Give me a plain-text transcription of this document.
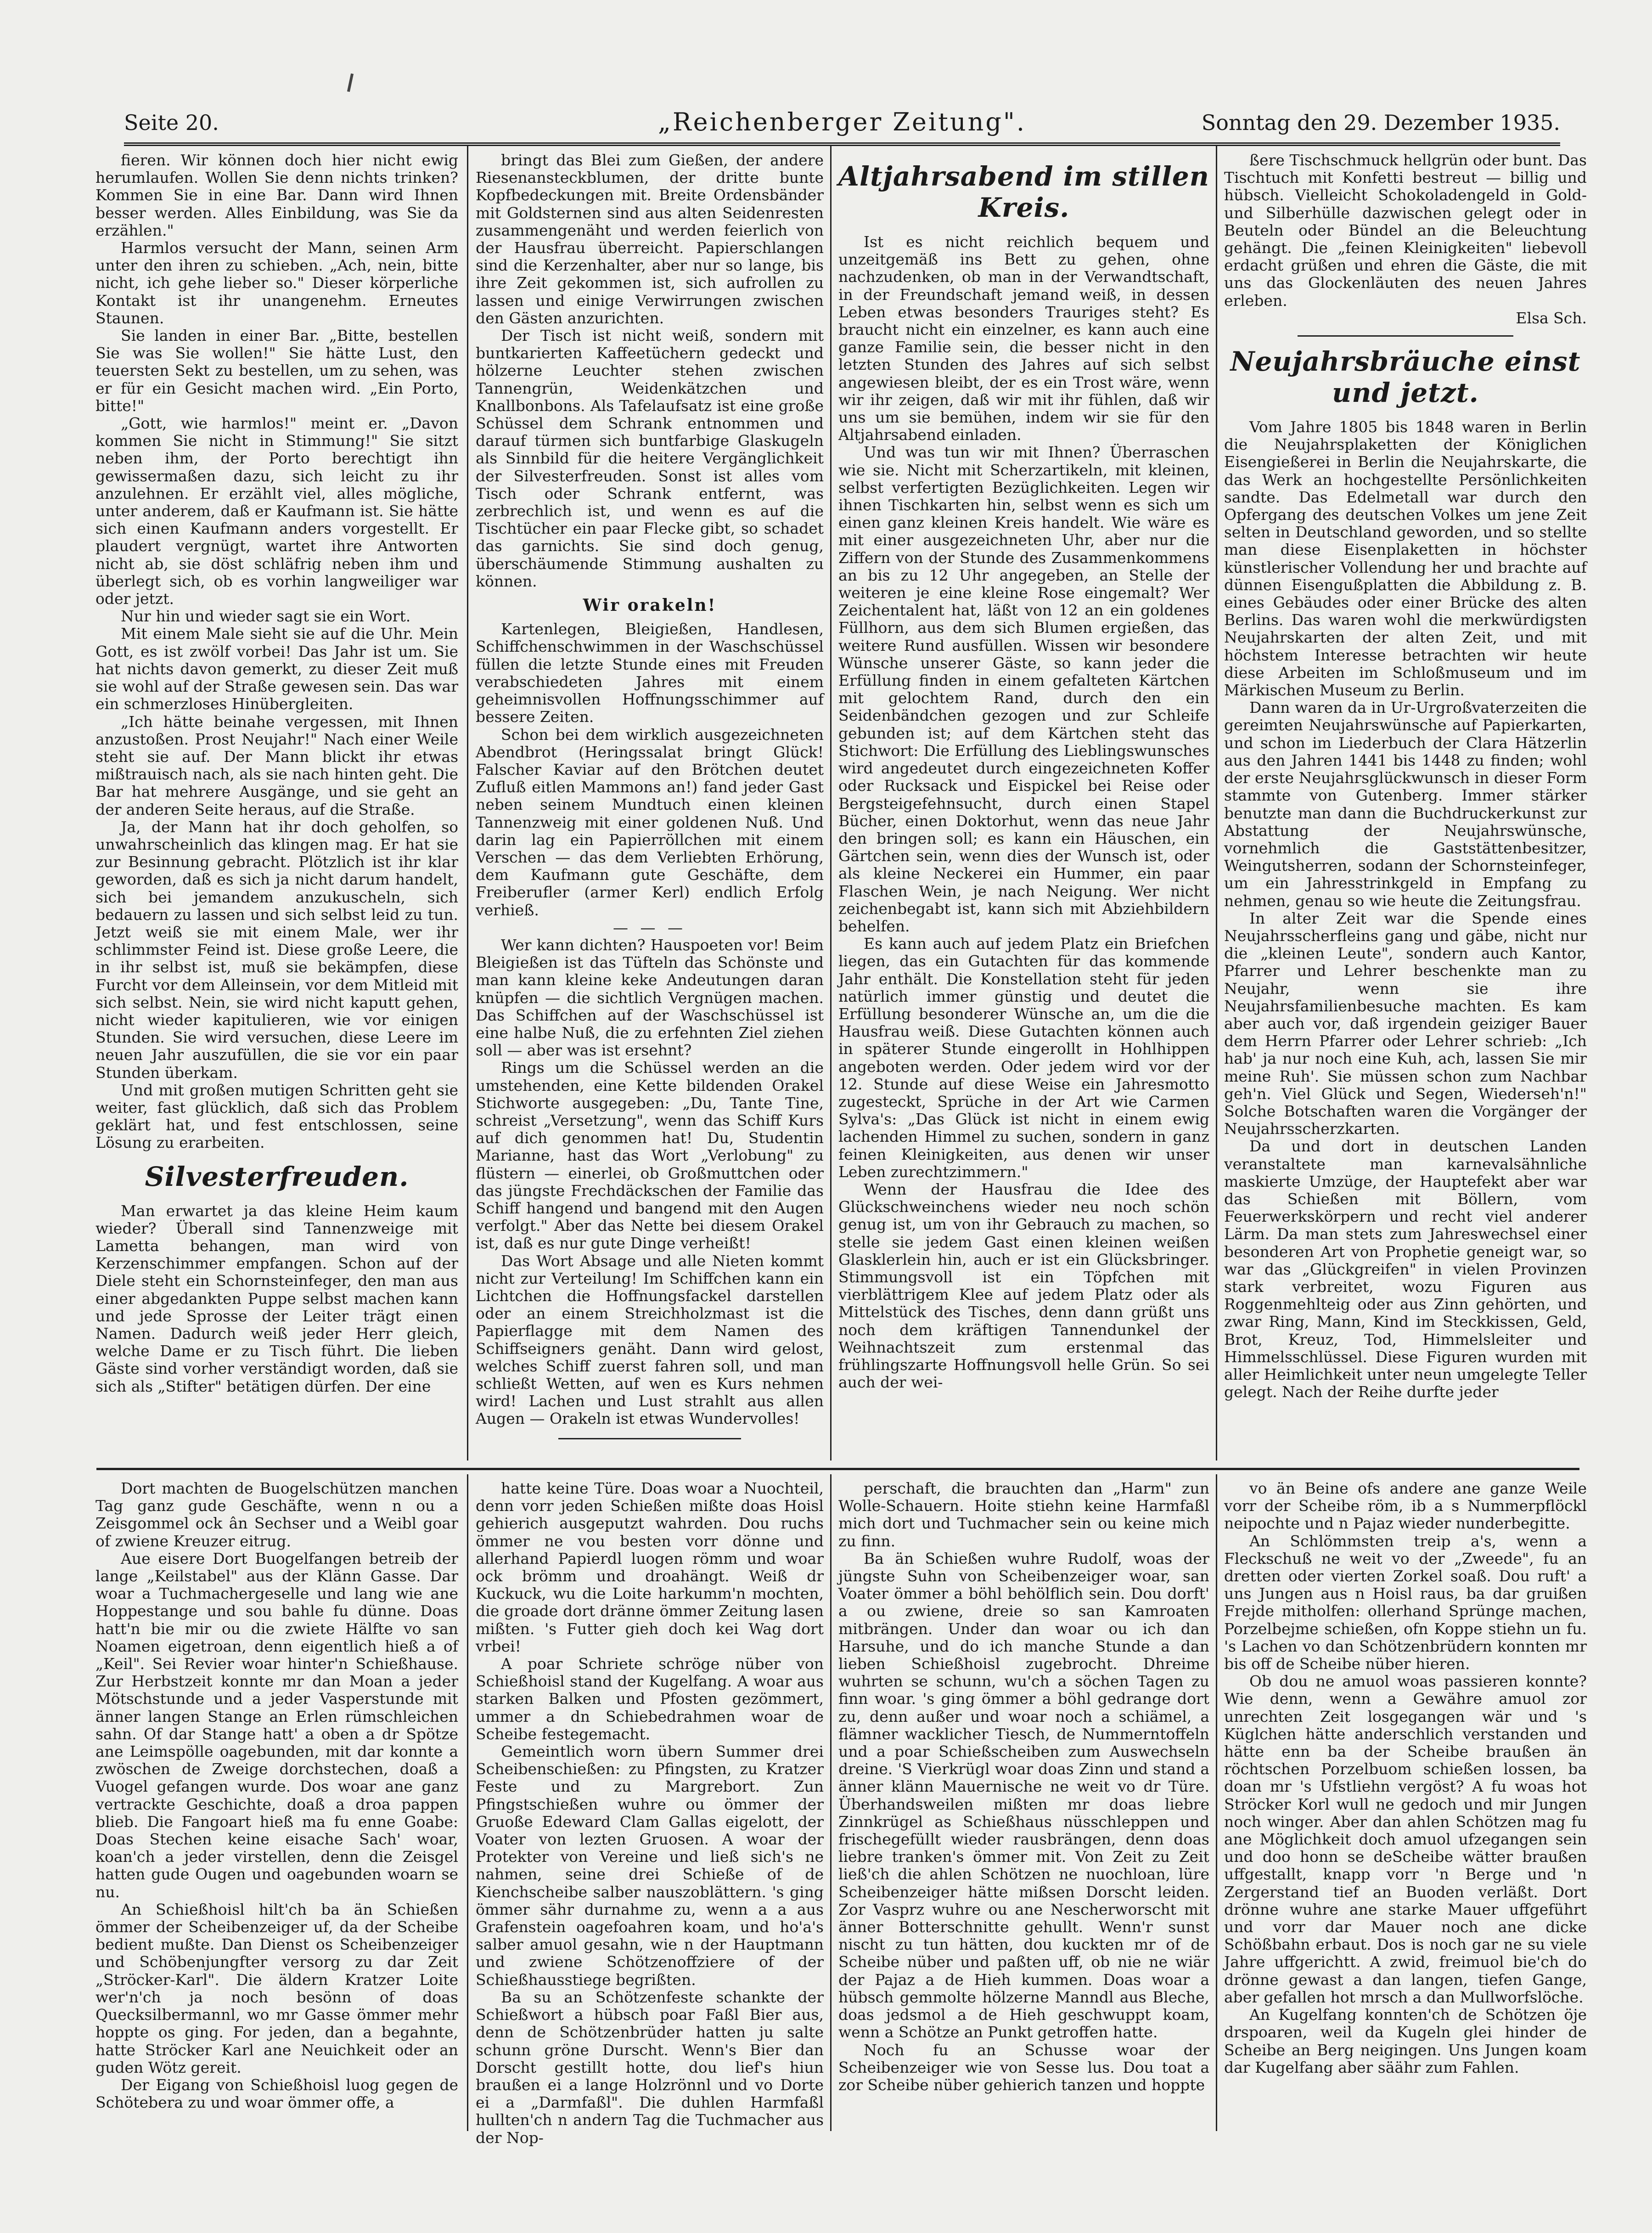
Seite 20.	„Reichenberger Zeitung".	Sonntag den 29. Dezember 1935.

fieren. Wir können doch hier nicht ewig herumlaufen. Wollen Sie denn nichts trinken? Kommen Sie in eine Bar. Dann wird Ihnen besser werden. Alles Einbildung, was Sie da erzählen."

Harmlos versucht der Mann, seinen Arm unter den ihren zu schieben. „Ach, nein, bitte nicht, ich gehe lieber so." Dieser körperliche Kontakt ist ihr unangenehm. Erneutes Staunen.

Sie landen in einer Bar. „Bitte, bestellen Sie was Sie wollen!" Sie hätte Lust, den teuersten Sekt zu bestellen, um zu sehen, was er für ein Gesicht machen wird. „Ein Porto, bitte!"

„Gott, wie harmlos!" meint er. „Davon kommen Sie nicht in Stimmung!" Sie sitzt neben ihm, der Porto berechtigt ihn gewissermaßen dazu, sich leicht zu ihr anzulehnen. Er erzählt viel, alles mögliche, unter anderem, daß er Kaufmann ist. Sie hätte sich einen Kaufmann anders vorgestellt. Er plaudert vergnügt, wartet ihre Antworten nicht ab, sie döst schläfrig neben ihm und überlegt sich, ob es vorhin langweiliger war oder jetzt.

Nur hin und wieder sagt sie ein Wort.

Mit einem Male sieht sie auf die Uhr. Mein Gott, es ist zwölf vorbei! Das Jahr ist um. Sie hat nichts davon gemerkt, zu dieser Zeit muß sie wohl auf der Straße gewesen sein. Das war ein schmerzloses Hinübergleiten.

„Ich hätte beinahe vergessen, mit Ihnen anzustoßen. Prost Neujahr!" Nach einer Weile steht sie auf. Der Mann blickt ihr etwas mißtrauisch nach, als sie nach hinten geht. Die Bar hat mehrere Ausgänge, und sie geht an der anderen Seite heraus, auf die Straße.

Ja, der Mann hat ihr doch geholfen, so unwahrscheinlich das klingen mag. Er hat sie zur Besinnung gebracht. Plötzlich ist ihr klar geworden, daß es sich ja nicht darum handelt, sich bei jemandem anzukuscheln, sich bedauern zu lassen und sich selbst leid zu tun. Jetzt weiß sie mit einem Male, wer ihr schlimmster Feind ist. Diese große Leere, die in ihr selbst ist, muß sie bekämpfen, diese Furcht vor dem Alleinsein, vor dem Mitleid mit sich selbst. Nein, sie wird nicht kaputt gehen, nicht wieder kapitulieren, wie vor einigen Stunden. Sie wird versuchen, diese Leere im neuen Jahr auszufüllen, die sie vor ein paar Stunden überkam.

Und mit großen mutigen Schritten geht sie weiter, fast glücklich, daß sich das Problem geklärt hat, und fest entschlossen, seine Lösung zu erarbeiten.

Silvesterfreuden.

Man erwartet ja das kleine Heim kaum wieder? Überall sind Tannenzweige mit Lametta behangen, man wird von Kerzenschimmer empfangen. Schon auf der Diele steht ein Schornsteinfeger, den man aus einer abgedankten Puppe selbst machen kann und jede Sprosse der Leiter trägt einen Namen. Dadurch weiß jeder Herr gleich, welche Dame er zu Tisch führt. Die lieben Gäste sind vorher verständigt worden, daß sie sich als „Stifter" betätigen dürfen. Der eine

bringt das Blei zum Gießen, der andere Riesenansteckblumen, der dritte bunte Kopfbedeckungen mit. Breite Ordensbänder mit Goldsternen sind aus alten Seidenresten zusammengenäht und werden feierlich von der Hausfrau überreicht. Papierschlangen sind die Kerzenhalter, aber nur so lange, bis ihre Zeit gekommen ist, sich aufrollen zu lassen und einige Verwirrungen zwischen den Gästen anzurichten.

Der Tisch ist nicht weiß, sondern mit buntkarierten Kaffeetüchern gedeckt und hölzerne Leuchter stehen zwischen Tannengrün, Weidenkätzchen und Knallbonbons. Als Tafelaufsatz ist eine große Schüssel dem Schrank entnommen und darauf türmen sich buntfarbige Glaskugeln als Sinnbild für die heitere Vergänglichkeit der Silvesterfreuden. Sonst ist alles vom Tisch oder Schrank entfernt, was zerbrechlich ist, und wenn es auf die Tischtücher ein paar Flecke gibt, so schadet das garnichts. Sie sind doch genug, überschäumende Stimmung aushalten zu können.

Wir orakeln!

Kartenlegen, Bleigießen, Handlesen, Schiffchenschwimmen in der Waschschüssel füllen die letzte Stunde eines mit Freuden verabschiedeten Jahres mit einem geheimnisvollen Hoffnungsschimmer auf bessere Zeiten.

Schon bei dem wirklich ausgezeichneten Abendbrot (Heringssalat bringt Glück! Falscher Kaviar auf den Brötchen deutet Zufluß eitlen Mammons an!) fand jeder Gast neben seinem Mundtuch einen kleinen Tannenzweig mit einer goldenen Nuß. Und darin lag ein Papierröllchen mit einem Verschen — das dem Verliebten Erhörung, dem Kaufmann gute Geschäfte, dem Freiberufler (armer Kerl) endlich Erfolg verhieß.

— — —

Wer kann dichten? Hauspoeten vor! Beim Bleigießen ist das Tüfteln das Schönste und man kann kleine keke Andeutungen daran knüpfen — die sichtlich Vergnügen machen. Das Schiffchen auf der Waschschüssel ist eine halbe Nuß, die zu erfehnten Ziel ziehen soll — aber was ist ersehnt?

Rings um die Schüssel werden an die umstehenden, eine Kette bildenden Orakel Stichworte ausgegeben: „Du, Tante Tine, schreist „Versetzung", wenn das Schiff Kurs auf dich genommen hat! Du, Studentin Marianne, hast das Wort „Verlobung" zu flüstern — einerlei, ob Großmuttchen oder das jüngste Frechdäckschen der Familie das Schiff hangend und bangend mit den Augen verfolgt." Aber das Nette bei diesem Orakel ist, daß es nur gute Dinge verheißt!

Das Wort Absage und alle Nieten kommt nicht zur Verteilung! Im Schiffchen kann ein Lichtchen die Hoffnungsfackel darstellen oder an einem Streichholzmast ist die Papierflagge mit dem Namen des Schiffseigners genäht. Dann wird gelost, welches Schiff zuerst fahren soll, und man schließt Wetten, auf wen es Kurs nehmen wird! Lachen und Lust strahlt aus allen Augen — Orakeln ist etwas Wundervolles!

Altjahrsabend im stillen Kreis.

Ist es nicht reichlich bequem und unzeitgemäß ins Bett zu gehen, ohne nachzudenken, ob man in der Verwandtschaft, in der Freundschaft jemand weiß, in dessen Leben etwas besonders Trauriges steht? Es braucht nicht ein einzelner, es kann auch eine ganze Familie sein, die besser nicht in den letzten Stunden des Jahres auf sich selbst angewiesen bleibt, der es ein Trost wäre, wenn wir ihr zeigen, daß wir mit ihr fühlen, daß wir uns um sie bemühen, indem wir sie für den Altjahrsabend einladen.

Und was tun wir mit Ihnen? Überraschen wie sie. Nicht mit Scherzartikeln, mit kleinen, selbst verfertigten Bezüglichkeiten. Legen wir ihnen Tischkarten hin, selbst wenn es sich um einen ganz kleinen Kreis handelt. Wie wäre es mit einer ausgezeichneten Uhr, aber nur die Ziffern von der Stunde des Zusammenkommens an bis zu 12 Uhr angegeben, an Stelle der weiteren je eine kleine Rose eingemalt? Wer Zeichentalent hat, läßt von 12 an ein goldenes Füllhorn, aus dem sich Blumen ergießen, das weitere Rund ausfüllen. Wissen wir besondere Wünsche unserer Gäste, so kann jeder die Erfüllung finden in einem gefalteten Kärtchen mit gelochtem Rand, durch den ein Seidenbändchen gezogen und zur Schleife gebunden ist; auf dem Kärtchen steht das Stichwort: Die Erfüllung des Lieblingswunsches wird angedeutet durch eingezeichneten Koffer oder Rucksack und Eispickel bei Reise oder Bergsteigefehnsucht, durch einen Stapel Bücher, einen Doktorhut, wenn das neue Jahr den bringen soll; es kann ein Häuschen, ein Gärtchen sein, wenn dies der Wunsch ist, oder als kleine Neckerei ein Hummer, ein paar Flaschen Wein, je nach Neigung. Wer nicht zeichenbegabt ist, kann sich mit Abziehbildern behelfen.

Es kann auch auf jedem Platz ein Briefchen liegen, das ein Gutachten für das kommende Jahr enthält. Die Konstellation steht für jeden natürlich immer günstig und deutet die Erfüllung besonderer Wünsche an, um die die Hausfrau weiß. Diese Gutachten können auch in späterer Stunde eingerollt in Hohlhippen angeboten werden. Oder jedem wird vor der 12. Stunde auf diese Weise ein Jahresmotto zugesteckt, Sprüche in der Art wie Carmen Sylva's: „Das Glück ist nicht in einem ewig lachenden Himmel zu suchen, sondern in ganz feinen Kleinigkeiten, aus denen wir unser Leben zurechtzimmern."

Wenn der Hausfrau die Idee des Glückschweinchens wieder neu noch schön genug ist, um von ihr Gebrauch zu machen, so stelle sie jedem Gast einen kleinen weißen Glasklerlein hin, auch er ist ein Glücksbringer. Stimmungsvoll ist ein Töpfchen mit vierblättrigem Klee auf jedem Platz oder als Mittelstück des Tisches, denn dann grüßt uns noch dem kräftigen Tannendunkel der Weihnachtszeit zum erstenmal das frühlingszarte Hoffnungsvoll helle Grün. So sei auch der wei-

ßere Tischschmuck hellgrün oder bunt. Das Tischtuch mit Konfetti bestreut — billig und hübsch. Vielleicht Schokoladengeld in Gold- und Silberhülle dazwischen gelegt oder in Beuteln oder Bündel an die Beleuchtung gehängt. Die „feinen Kleinigkeiten" liebevoll erdacht grüßen und ehren die Gäste, die mit uns das Glockenläuten des neuen Jahres erleben.

Elsa Sch.

Neujahrsbräuche einst und jetzt.

Vom Jahre 1805 bis 1848 waren in Berlin die Neujahrsplaketten der Königlichen Eisengießerei in Berlin die Neujahrskarte, die das Werk an hochgestellte Persönlichkeiten sandte. Das Edelmetall war durch den Opfergang des deutschen Volkes um jene Zeit selten in Deutschland geworden, und so stellte man diese Eisenplaketten in höchster künstlerischer Vollendung her und brachte auf dünnen Eisengußplatten die Abbildung z. B. eines Gebäudes oder einer Brücke des alten Berlins. Das waren wohl die merkwürdigsten Neujahrskarten der alten Zeit, und mit höchstem Interesse betrachten wir heute diese Arbeiten im Schloßmuseum und im Märkischen Museum zu Berlin.

Dann waren da in Ur-Urgroßvaterzeiten die gereimten Neujahrswünsche auf Papierkarten, und schon im Liederbuch der Clara Hätzerlin aus den Jahren 1441 bis 1448 zu finden; wohl der erste Neujahrsglückwunsch in dieser Form stammte von Gutenberg. Immer stärker benutzte man dann die Buchdruckerkunst zur Abstattung der Neujahrswünsche, vornehmlich die Gaststättenbesitzer, Weingutsherren, sodann der Schornsteinfeger, um ein Jahresstrinkgeld in Empfang zu nehmen, genau so wie heute die Zeitungsfrau.

In alter Zeit war die Spende eines Neujahrsscherfleins gang und gäbe, nicht nur die „kleinen Leute", sondern auch Kantor, Pfarrer und Lehrer beschenkte man zu Neujahr, wenn sie ihre Neujahrsfamilienbesuche machten. Es kam aber auch vor, daß irgendein geiziger Bauer dem Herrn Pfarrer oder Lehrer schrieb: „Ich hab' ja nur noch eine Kuh, ach, lassen Sie mir meine Ruh'. Sie müssen schon zum Nachbar geh'n. Viel Glück und Segen, Wiederseh'n!" Solche Botschaften waren die Vorgänger der Neujahrsscherzkarten.

Da und dort in deutschen Landen veranstaltete man karnevalsähnliche maskierte Umzüge, der Hauptefekt aber war das Schießen mit Böllern, vom Feuerwerkskörpern und recht viel anderer Lärm. Da man stets zum Jahreswechsel einer besonderen Art von Prophetie geneigt war, so war das „Glückgreifen" in vielen Provinzen stark verbreitet, wozu Figuren aus Roggenmehlteig oder aus Zinn gehörten, und zwar Ring, Mann, Kind im Steckkissen, Geld, Brot, Kreuz, Tod, Himmelsleiter und Himmelsschlüssel. Diese Figuren wurden mit aller Heimlichkeit unter neun umgelegte Teller gelegt. Nach der Reihe durfte jeder

Dort machten de Buogelschützen manchen Tag ganz gude Geschäfte, wenn n ou a Zeisgommel ock ân Sechser und a Weibl goar of zwiene Kreuzer eitrug.

Aue eisere Dort Buogelfangen betreib der lange „Keilstabel" aus der Klänn Gasse. Dar woar a Tuchmachergeselle und lang wie ane Hoppestange und sou bahle fu dünne. Doas hatt'n bie mir ou die zwiete Hälfte vo san Noamen eigetroan, denn eigentlich hieß a of „Keil". Sei Revier woar hinter'n Schießhause. Zur Herbstzeit konnte mr dan Moan a jeder Mötschstunde und a jeder Vasperstunde mit änner langen Stange an Erlen rümschleichen sahn. Of dar Stange hatt' a oben a dr Spötze ane Leimspölle oagebunden, mit dar konnte a zwöschen de Zweige dorchstechen, doaß a Vuogel gefangen wurde. Dos woar ane ganz vertrackte Geschichte, doaß a droa pappen blieb. Die Fangoart hieß ma fu enne Goabe: Doas Stechen keine eisache Sach' woar, koan'ch a jeder virstellen, denn die Zeisgel hatten gude Ougen und oagebunden woarn se nu.

An Schießhoisl hilt'ch ba än Schießen ömmer der Scheibenzeiger uf, da der Scheibe bedient mußte. Dan Dienst os Scheibenzeiger und Schöbenjungfter versorg zu dar Zeit „Ströcker-Karl". Die äldern Kratzer Loite wer'n'ch ja noch besönn of doas Quecksilbermannl, wo mr Gasse ömmer mehr hoppte os ging. For jeden, dan a begahnte, hatte Ströcker Karl ane Neuichkeit oder an guden Wötz gereit.

Der Eigang von Schießhoisl luog gegen de Schötebera zu und woar ömmer offe, a

hatte keine Türe. Doas woar a Nuochteil, denn vorr jeden Schießen mißte doas Hoisl gehierich ausgeputzt wahrden. Dou ruchs ömmer ne vou besten vorr dönne und allerhand Papierdl luogen römm und woar ock brömm und droahängt. Weiß dr Kuckuck, wu die Loite harkumm'n mochten, die groade dort dränne ömmer Zeitung lasen mißten. 's Futter gieh doch kei Wag dort vrbei!

A poar Schriete schröge nüber von Schießhoisl stand der Kugelfang. A woar aus starken Balken und Pfosten gezömmert, ummer a dn Schiebedrahmen woar de Scheibe festegemacht.

Gemeintlich worn übern Summer drei Scheibenschießen: zu Pfingsten, zu Kratzer Feste und zu Margrebort. Zun Pfingstschießen wuhre ou ömmer der Gruoße Edeward Clam Gallas eigelott, der Voater von lezten Gruosen. A woar der Protekter von Vereine und ließ sich's ne nahmen, seine drei Schieße of de Kienchscheibe salber nauszoblättern. 's ging ömmer sähr durnahme zu, wenn a a aus Grafenstein oagefoahren koam, und ho'a's salber amuol gesahn, wie n der Hauptmann und zwiene Schötzenoffziere of der Schießhausstiege begrißten.

Ba su an Schötzenfeste schankte der Schießwort a hübsch poar Faßl Bier aus, denn de Schötzenbrüder hatten ju salte schunn gröne Durscht. Wenn's Bier dan Dorscht gestillt hotte, dou lief's hiun braußen ei a lange Holzrönnl und vo Dorte ei a „Darmfaßl". Die duhlen Harmfaßl hullten'ch n andern Tag die Tuchmacher aus der Nop-

perschaft, die brauchten dan „Harm" zun Wolle-Schauern. Hoite stiehn keine Harmfaßl mich dort und Tuchmacher sein ou keine mich zu finn.

Ba än Schießen wuhre Rudolf, woas der jüngste Suhn von Scheibenzeiger woar, san Voater ömmer a böhl behölflich sein. Dou dorft' a ou zwiene, dreie so san Kamroaten mitbrängen. Under dan woar ou ich dan Harsuhe, und do ich manche Stunde a dan lieben Schießhoisl zugebrocht. Dhreime wuhrten se schunn, wu'ch a söchen Tagen zu finn woar. 's ging ömmer a böhl gedrange dort zu, denn außer und woar noch a schiämel, a flämner wacklicher Tiesch, de Nummerntoffeln und a poar Schießscheiben zum Auswechseln dreine. 'S Vierkrügl woar doas Zinn und stand a änner klänn Mauernische ne weit vo dr Türe. Überhandsweilen mißten mr doas liebre Zinnkrügel as Schießhaus nüsschleppen und frischegefüllt wieder rausbrängen, denn doas liebre tranken's ömmer mit. Von Zeit zu Zeit ließ'ch die ahlen Schötzen ne nuochloan, lüre Scheibenzeiger hätte mißsen Dorscht leiden. Zor Vasprz wuhre ou ane Nescherworscht mit änner Botterschnitte gehullt. Wenn'r sunst nischt zu tun hätten, dou kuckten mr of de Scheibe nüber und paßten uff, ob nie ne wiär der Pajaz a de Hieh kummen. Doas woar a hübsch gemmolte hölzerne Manndl aus Bleche, doas jedsmol a de Hieh geschwuppt koam, wenn a Schötze an Punkt getroffen hatte.

Noch fu an Schusse woar der Scheibenzeiger wie von Sesse lus. Dou toat a zor Scheibe nüber gehierich tanzen und hoppte

vo än Beine ofs andere ane ganze Weile vorr der Scheibe röm, ib a s Nummerpflöckl neipochte und n Pajaz wieder nunderbegitte.

An Schlömmsten treip a's, wenn a Fleckschuß ne weit vo der „Zweede", fu an dretten oder vierten Zorkel soaß. Dou ruft' a uns Jungen aus n Hoisl raus, ba dar gruißen Frejde mitholfen: ollerhand Sprünge machen, Porzelbejme schießen, ofn Koppe stiehn un fu. 's Lachen vo dan Schötzenbrüdern konnten mr bis off de Scheibe nüber hieren.

Ob dou ne amuol woas passieren konnte? Wie denn, wenn a Gewähre amuol zor unrechten Zeit losgegangen wär und 's Küglchen hätte anderschlich verstanden und hätte enn ba der Scheibe braußen än röchtschen Porzelbuom schießen lossen, ba doan mr 's Ufstliehn vergöst? A fu woas hot Ströcker Korl wull ne gedoch und mir Jungen noch winger. Aber dan ahlen Schötzen mag fu ane Möglichkeit doch amuol ufzegangen sein und doo honn se deScheibe wätter braußen uffgestallt, knapp vorr 'n Berge und 'n Zergerstand tief an Buoden verläßt. Dort drönne wuhre ane starke Mauer uffgeführt und vorr dar Mauer noch ane dicke Schößbahn erbaut. Dos is noch gar ne su viele Jahre uffgerichtt. A zwid, freimuol bie'ch do drönne gewast a dan langen, tiefen Gange, aber gefallen hot mrsch a dan Mullworfslöche.

An Kugelfang konnten'ch de Schötzen öje drspoaren, weil da Kugeln glei hinder de Scheibe an Berg neigingen. Uns Jungen koam dar Kugelfang aber säähr zum Fahlen.
